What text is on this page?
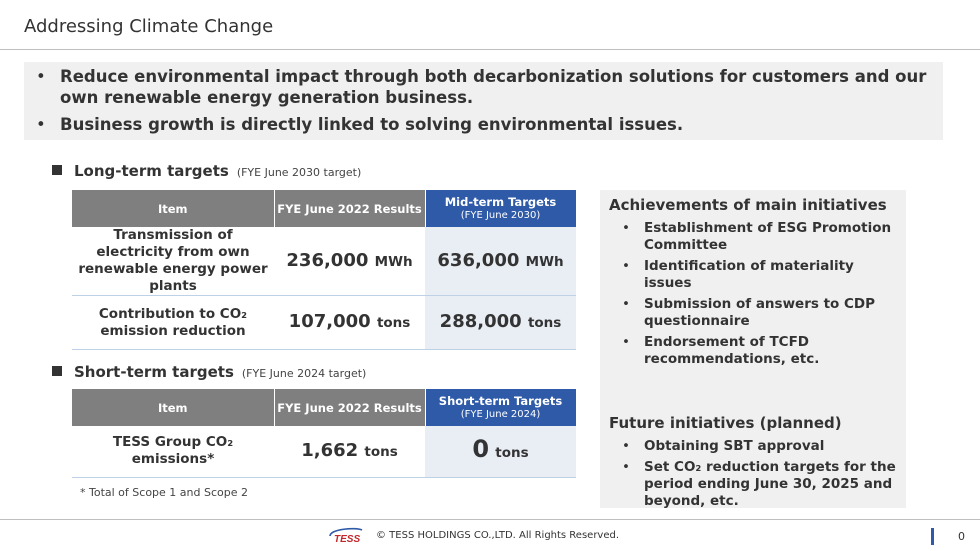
Addressing Climate Change
• Reduce environmental impact through both decarbonization solutions for customers and our own renewable energy generation business.
• Business growth is directly linked to solving environmental issues.
Long-term targets (FYE June 2030 target)
Item	FYE June 2022 Results	Mid-term Targets
(FYE June 2030)

Transmission of electricity from own renewable energy power plants	236,000 MWh	636,000 MWh
Contribution to CO₂ emission reduction	107,000 tons	288,000 tons
Short-term targets (FYE June 2024 target)
Item	FYE June 2022 Results	Short-term Targets
(FYE June 2024)

TESS Group CO₂ emissions*	1,662 tons	0 tons
* Total of Scope 1 and Scope 2
Achievements of main initiatives
• Establishment of ESG Promotion Committee
• Identification of materiality issues
• Submission of answers to CDP questionnaire
• Endorsement of TCFD recommendations, etc.
Future initiatives (planned)
• Obtaining SBT approval
• Set CO₂ reduction targets for the period ending June 30, 2025 and beyond, etc.
TESS © TESS HOLDINGS CO.,LTD. All Rights Reserved.	0
